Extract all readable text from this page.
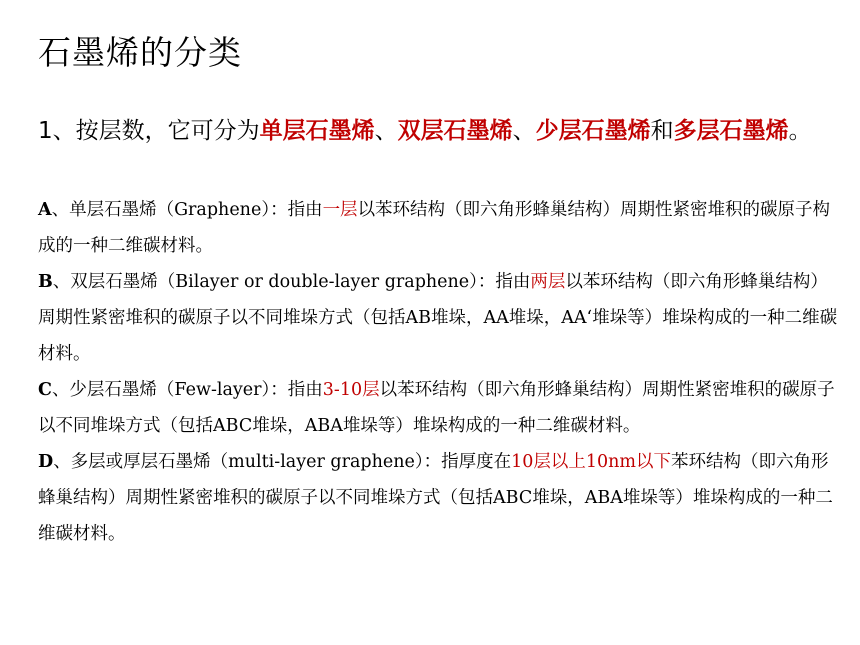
石墨烯的分类
1、按层数，它可分为单层石墨烯、双层石墨烯、少层石墨烯和多层石墨烯。

A、单层石墨烯（Graphene）：指由一层以苯环结构（即六角形蜂巢结构）周期性紧密堆积的碳原子构成的一种二维碳材料。

B、双层石墨烯（Bilayer or double-layer graphene）：指由两层以苯环结构（即六角形蜂巢结构）周期性紧密堆积的碳原子以不同堆垛方式（包括AB堆垛，AA堆垛，AA‘堆垛等）堆垛构成的一种二维碳材料。

C、少层石墨烯（Few-layer）：指由3-10层以苯环结构（即六角形蜂巢结构）周期性紧密堆积的碳原子以不同堆垛方式（包括ABC堆垛，ABA堆垛等）堆垛构成的一种二维碳材料。

D、多层或厚层石墨烯（multi-layer graphene）：指厚度在10层以上10nm以下苯环结构（即六角形蜂巢结构）周期性紧密堆积的碳原子以不同堆垛方式（包括ABC堆垛，ABA堆垛等）堆垛构成的一种二维碳材料。
